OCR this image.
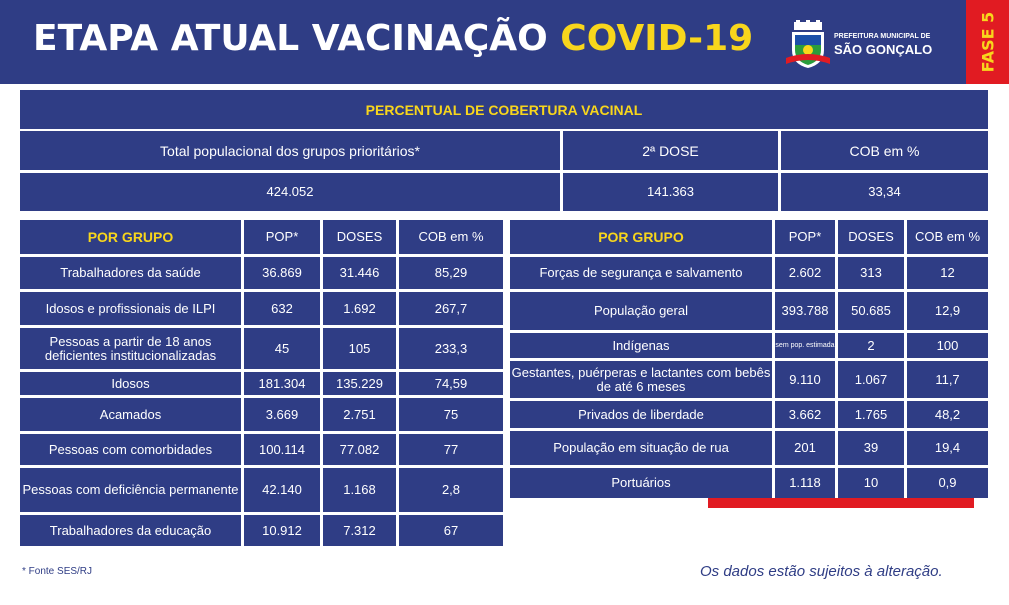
ETAPA ATUAL VACINAÇÃO COVID-19	PREFEITURA MUNICIPAL DE
SÃO GONÇALO	FASE 5
PERCENTUAL DE COBERTURA VACINAL
Total populacional dos grupos prioritários*	2ª DOSE	COB em %
424.052	141.363	33,34
POR GRUPO	POP*	DOSES	COB em %
Trabalhadores da saúde	36.869	31.446	85,29
Idosos e profissionais de ILPI	632	1.692	267,7
Pessoas a partir de 18 anos deficientes institucionalizadas	45	105	233,3
Idosos	181.304	135.229	74,59
Acamados	3.669	2.751	75
Pessoas com comorbidades	100.114	77.082	77
Pessoas com deficiência permanente	42.140	1.168	2,8
Trabalhadores da educação	10.912	7.312	67
POR GRUPO	POP*	DOSES	COB em %
Forças de segurança e salvamento	2.602	313	12
População geral	393.788	50.685	12,9
Indígenas	sem pop. estimada	2	100
Gestantes, puérperas e lactantes com bebês de até 6 meses	9.110	1.067	11,7
Privados de liberdade	3.662	1.765	48,2
População em situação de rua	201	39	19,4
Portuários	1.118	10	0,9
* Fonte SES/RJ	Os dados estão sujeitos à alteração.
